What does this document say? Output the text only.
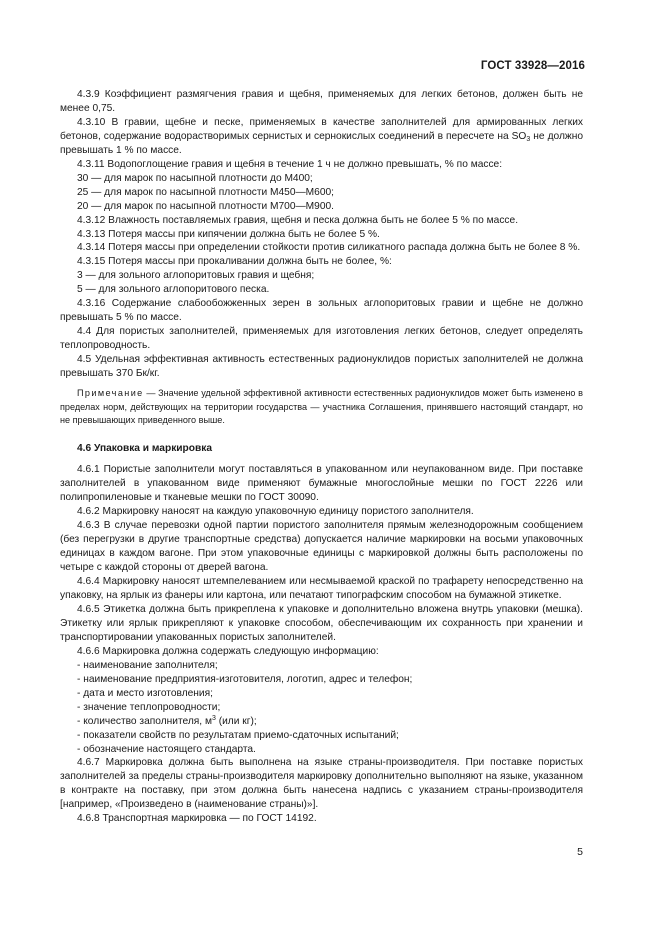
ГОСТ 33928—2016

4.3.9 Коэффициент размягчения гравия и щебня, применяемых для легких бетонов, должен быть не менее 0,75.

4.3.10 В гравии, щебне и песке, применяемых в качестве заполнителей для армированных легких бетонов, содержание водорастворимых сернистых и сернокислых соединений в пересчете на $SO_3$ не должно превышать 1 % по массе.

4.3.11 Водопоглощение гравия и щебня в течение 1 ч не должно превышать, % по массе:

30 — для марок по насыпной плотности до М400;

25 — для марок по насыпной плотности М450—М600;

20 — для марок по насыпной плотности М700—М900.

4.3.12 Влажность поставляемых гравия, щебня и песка должна быть не более 5 % по массе.

4.3.13 Потеря массы при кипячении должна быть не более 5 %.

4.3.14 Потеря массы при определении стойкости против силикатного распада должна быть не более 8 %.

4.3.15 Потеря массы при прокаливании должна быть не более, %:

3 — для зольного аглопоритовых гравия и щебня;

5 — для зольного аглопоритового песка.

4.3.16 Содержание слабообожженных зерен в зольных аглопоритовых гравии и щебне не должно превышать 5 % по массе.

4.4 Для пористых заполнителей, применяемых для изготовления легких бетонов, следует определять теплопроводность.

4.5 Удельная эффективная активность естественных радионуклидов пористых заполнителей не должна превышать 370 Бк/кг.

Примечание — Значение удельной эффективной активности естественных радионуклидов может быть изменено в пределах норм, действующих на территории государства — участника Соглашения, принявшего настоящий стандарт, но не превышающих приведенного выше.

4.6 Упаковка и маркировка

4.6.1 Пористые заполнители могут поставляться в упакованном или неупакованном виде. При поставке заполнителей в упакованном виде применяют бумажные многослойные мешки по ГОСТ 2226 или полипропиленовые и тканевые мешки по ГОСТ 30090.

4.6.2 Маркировку наносят на каждую упаковочную единицу пористого заполнителя.

4.6.3 В случае перевозки одной партии пористого заполнителя прямым железнодорожным сообщением (без перегрузки в другие транспортные средства) допускается наличие маркировки на восьми упаковочных единицах в каждом вагоне. При этом упаковочные единицы с маркировкой должны быть расположены по четыре с каждой стороны от дверей вагона.

4.6.4 Маркировку наносят штемпелеванием или несмываемой краской по трафарету непосредственно на упаковку, на ярлык из фанеры или картона, или печатают типографским способом на бумажной этикетке.

4.6.5 Этикетка должна быть прикреплена к упаковке и дополнительно вложена внутрь упаковки (мешка). Этикетку или ярлык прикрепляют к упаковке способом, обеспечивающим их сохранность при хранении и транспортировании упакованных пористых заполнителей.

4.6.6 Маркировка должна содержать следующую информацию:

- наименование заполнителя;

- наименование предприятия-изготовителя, логотип, адрес и телефон;

- дата и место изготовления;

- значение теплопроводности;

- количество заполнителя, $м^3$ (или кг);

- показатели свойств по результатам приемо-сдаточных испытаний;

- обозначение настоящего стандарта.

4.6.7 Маркировка должна быть выполнена на языке страны-производителя. При поставке пористых заполнителей за пределы страны-производителя маркировку дополнительно выполняют на языке, указанном в контракте на поставку, при этом должна быть нанесена надпись с указанием страны-производителя [например, «Произведено в (наименование страны)»].

4.6.8 Транспортная маркировка — по ГОСТ 14192.

5
